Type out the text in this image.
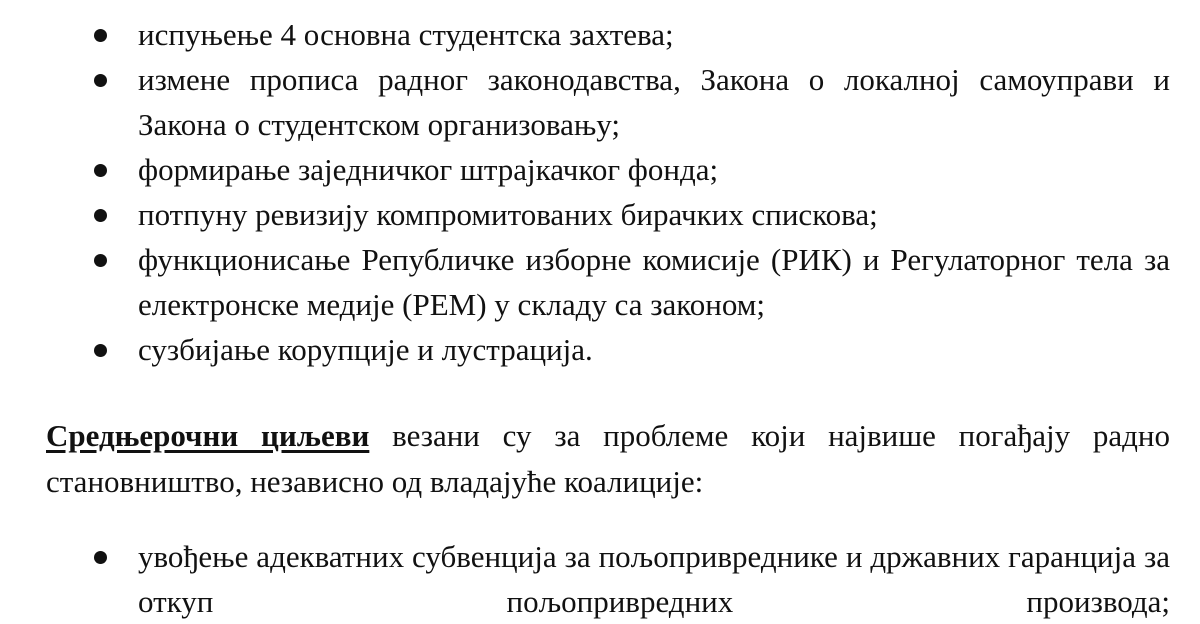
испуњење 4 основна студентска захтева;
измене прописа радног законодавства, Закона о локалној самоуправи и Закона о студентском организовању;
формирање заједничког штрајкачког фонда;
потпуну ревизију компромитованих бирачких спискова;
функционисање Републичке изборне комисије (РИК) и Регулаторног тела за електронске медије (РЕМ) у складу са законом;
сузбијање корупције и лустрација.

Средњерочни циљеви везани су за проблеме који највише погађају радно становништво, независно од владајуће коалиције:

увођење адекватних субвенција за пољопривреднике и државних гаранција за откуп пољопривредних производа;
